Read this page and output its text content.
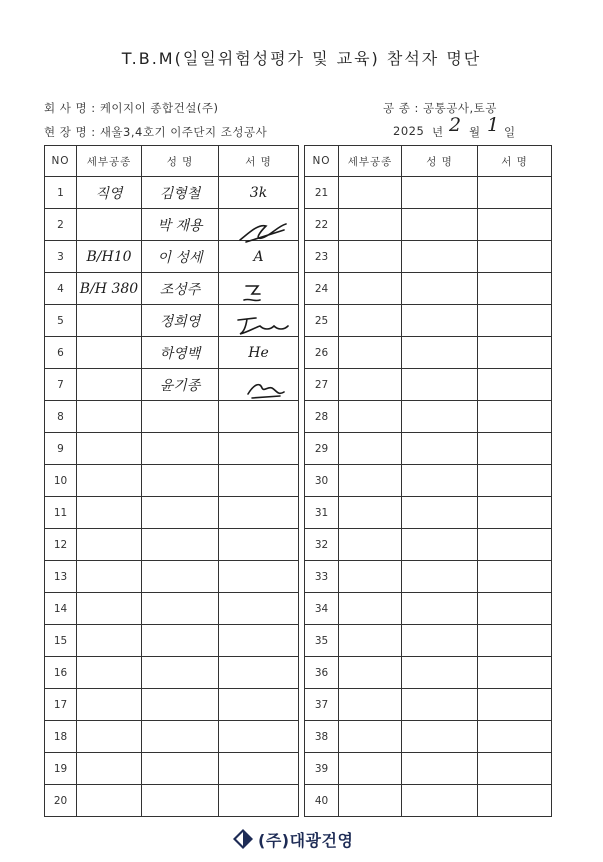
T.B.M(일일위험성평가 및 교육) 참석자 명단
회 사 명 : 케이지이 종합건설(주)	공 종 : 공통공사,토공
현 장 명 : 새울3,4호기 이주단지 조성공사	2025 년 2 월 1 일
NO	세부공종	성 명	서 명		NO	세부공종	성 명	서 명
1	직영	김형철	3k		21			
2		박 재용			22			
3	B/H10	이 성세	A		23			
4	B/H 380	조성주			24			
5		정희영			25			
6		하영백	He		26			
7		윤기종			27			
8					28			
9					29			
10					30			
11					31			
12					32			
13					33			
14					34			
15					35			
16					36			
17					37			
18					38			
19					39			
20					40			
(주)대광건영
